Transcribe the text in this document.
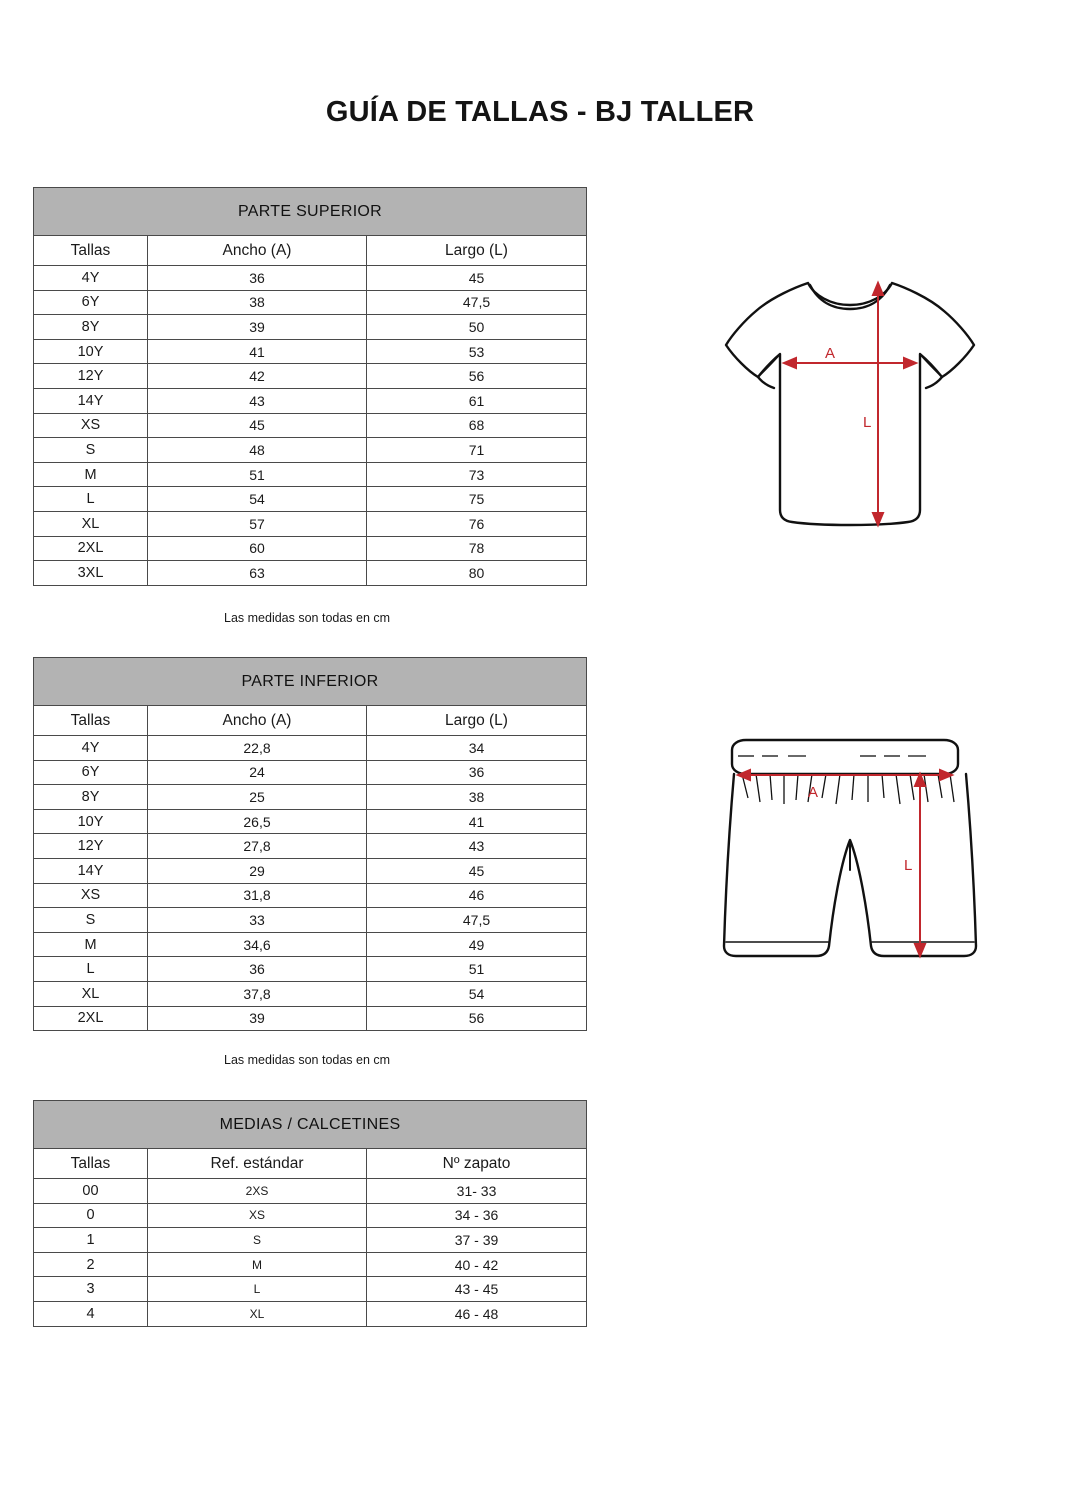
GUÍA DE TALLAS - BJ TALLER
PARTE SUPERIOR		
Tallas	Ancho (A)	Largo (L)
4Y	36	45
6Y	38	47,5
8Y	39	50
10Y	41	53
12Y	42	56
14Y	43	61
XS	45	68
S	48	71
M	51	73
L	54	75
XL	57	76
2XL	60	78
3XL	63	80
Las medidas son todas en cm
PARTE INFERIOR		
Tallas	Ancho (A)	Largo (L)
4Y	22,8	34
6Y	24	36
8Y	25	38
10Y	26,5	41
12Y	27,8	43
14Y	29	45
XS	31,8	46
S	33	47,5
M	34,6	49
L	36	51
XL	37,8	54
2XL	39	56
Las medidas son todas en cm
MEDIAS / CALCETINES		
Tallas	Ref. estándar	Nº zapato
00	2XS	31- 33
0	XS	34 - 36
1	S	37 - 39
2	M	40 - 42
3	L	43 - 45
4	XL	46 - 48
A
L
A
L
